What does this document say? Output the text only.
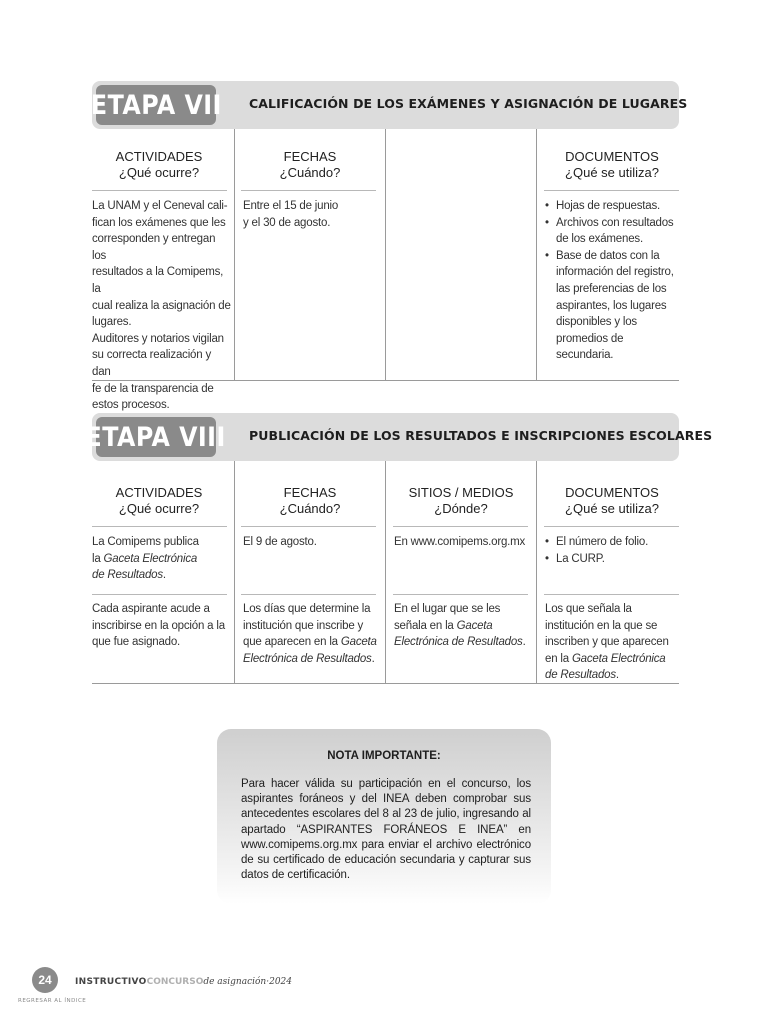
ETAPA VII CALIFICACIÓN DE LOS EXÁMENES Y ASIGNACIÓN DE LUGARES
ACTIVIDADES
¿Qué ocurre?
FECHAS
¿Cuándo?
DOCUMENTOS
¿Qué se utiliza?
La UNAM y el Ceneval cali-
fican los exámenes que les
corresponden y entregan los
resultados a la Comipems, la
cual realiza la asignación de
lugares.
Auditores y notarios vigilan
su correcta realización y dan
fe de la transparencia de
estos procesos.
Entre el 15 de junio
y el 30 de agosto.
• Hojas de respuestas.
• Archivos con resultados de los exámenes.
• Base de datos con la información del registro, las preferencias de los aspirantes, los lugares disponibles y los promedios de secundaria.
ETAPA VIII PUBLICACIÓN DE LOS RESULTADOS E INSCRIPCIONES ESCOLARES
ACTIVIDADES
¿Qué ocurre?
FECHAS
¿Cuándo?
SITIOS / MEDIOS
¿Dónde?
DOCUMENTOS
¿Qué se utiliza?
La Comipems publica
la Gaceta Electrónica
de Resultados.
El 9 de agosto.	En www.comipems.org.mx
•	El número de folio.
• La CURP.
Cada aspirante acude a inscribirse en la opción a la que fue asignado.
Los días que determine la institución que inscribe y que aparecen en la Gaceta Electrónica de Resultados.
En el lugar que se les señala en la Gaceta Electrónica de Resultados.
Los que señala la institución en la que se inscriben y que aparecen en la Gaceta Electrónica de Resultados.
NOTA IMPORTANTE:
Para hacer válida su participación en el concurso, los aspirantes foráneos y del INEA deben comprobar sus antecedentes escolares del 8 al 23 de julio, ingresando al apartado “ASPIRANTES FORÁNEOS E INEA” en www.comipems.org.mx para enviar el archivo electrónico de su certificado de educación secundaria y capturar sus datos de certificación.
24	INSTRUCTIVOCONCURSOde asignación·2024
REGRESAR AL ÍNDICE
